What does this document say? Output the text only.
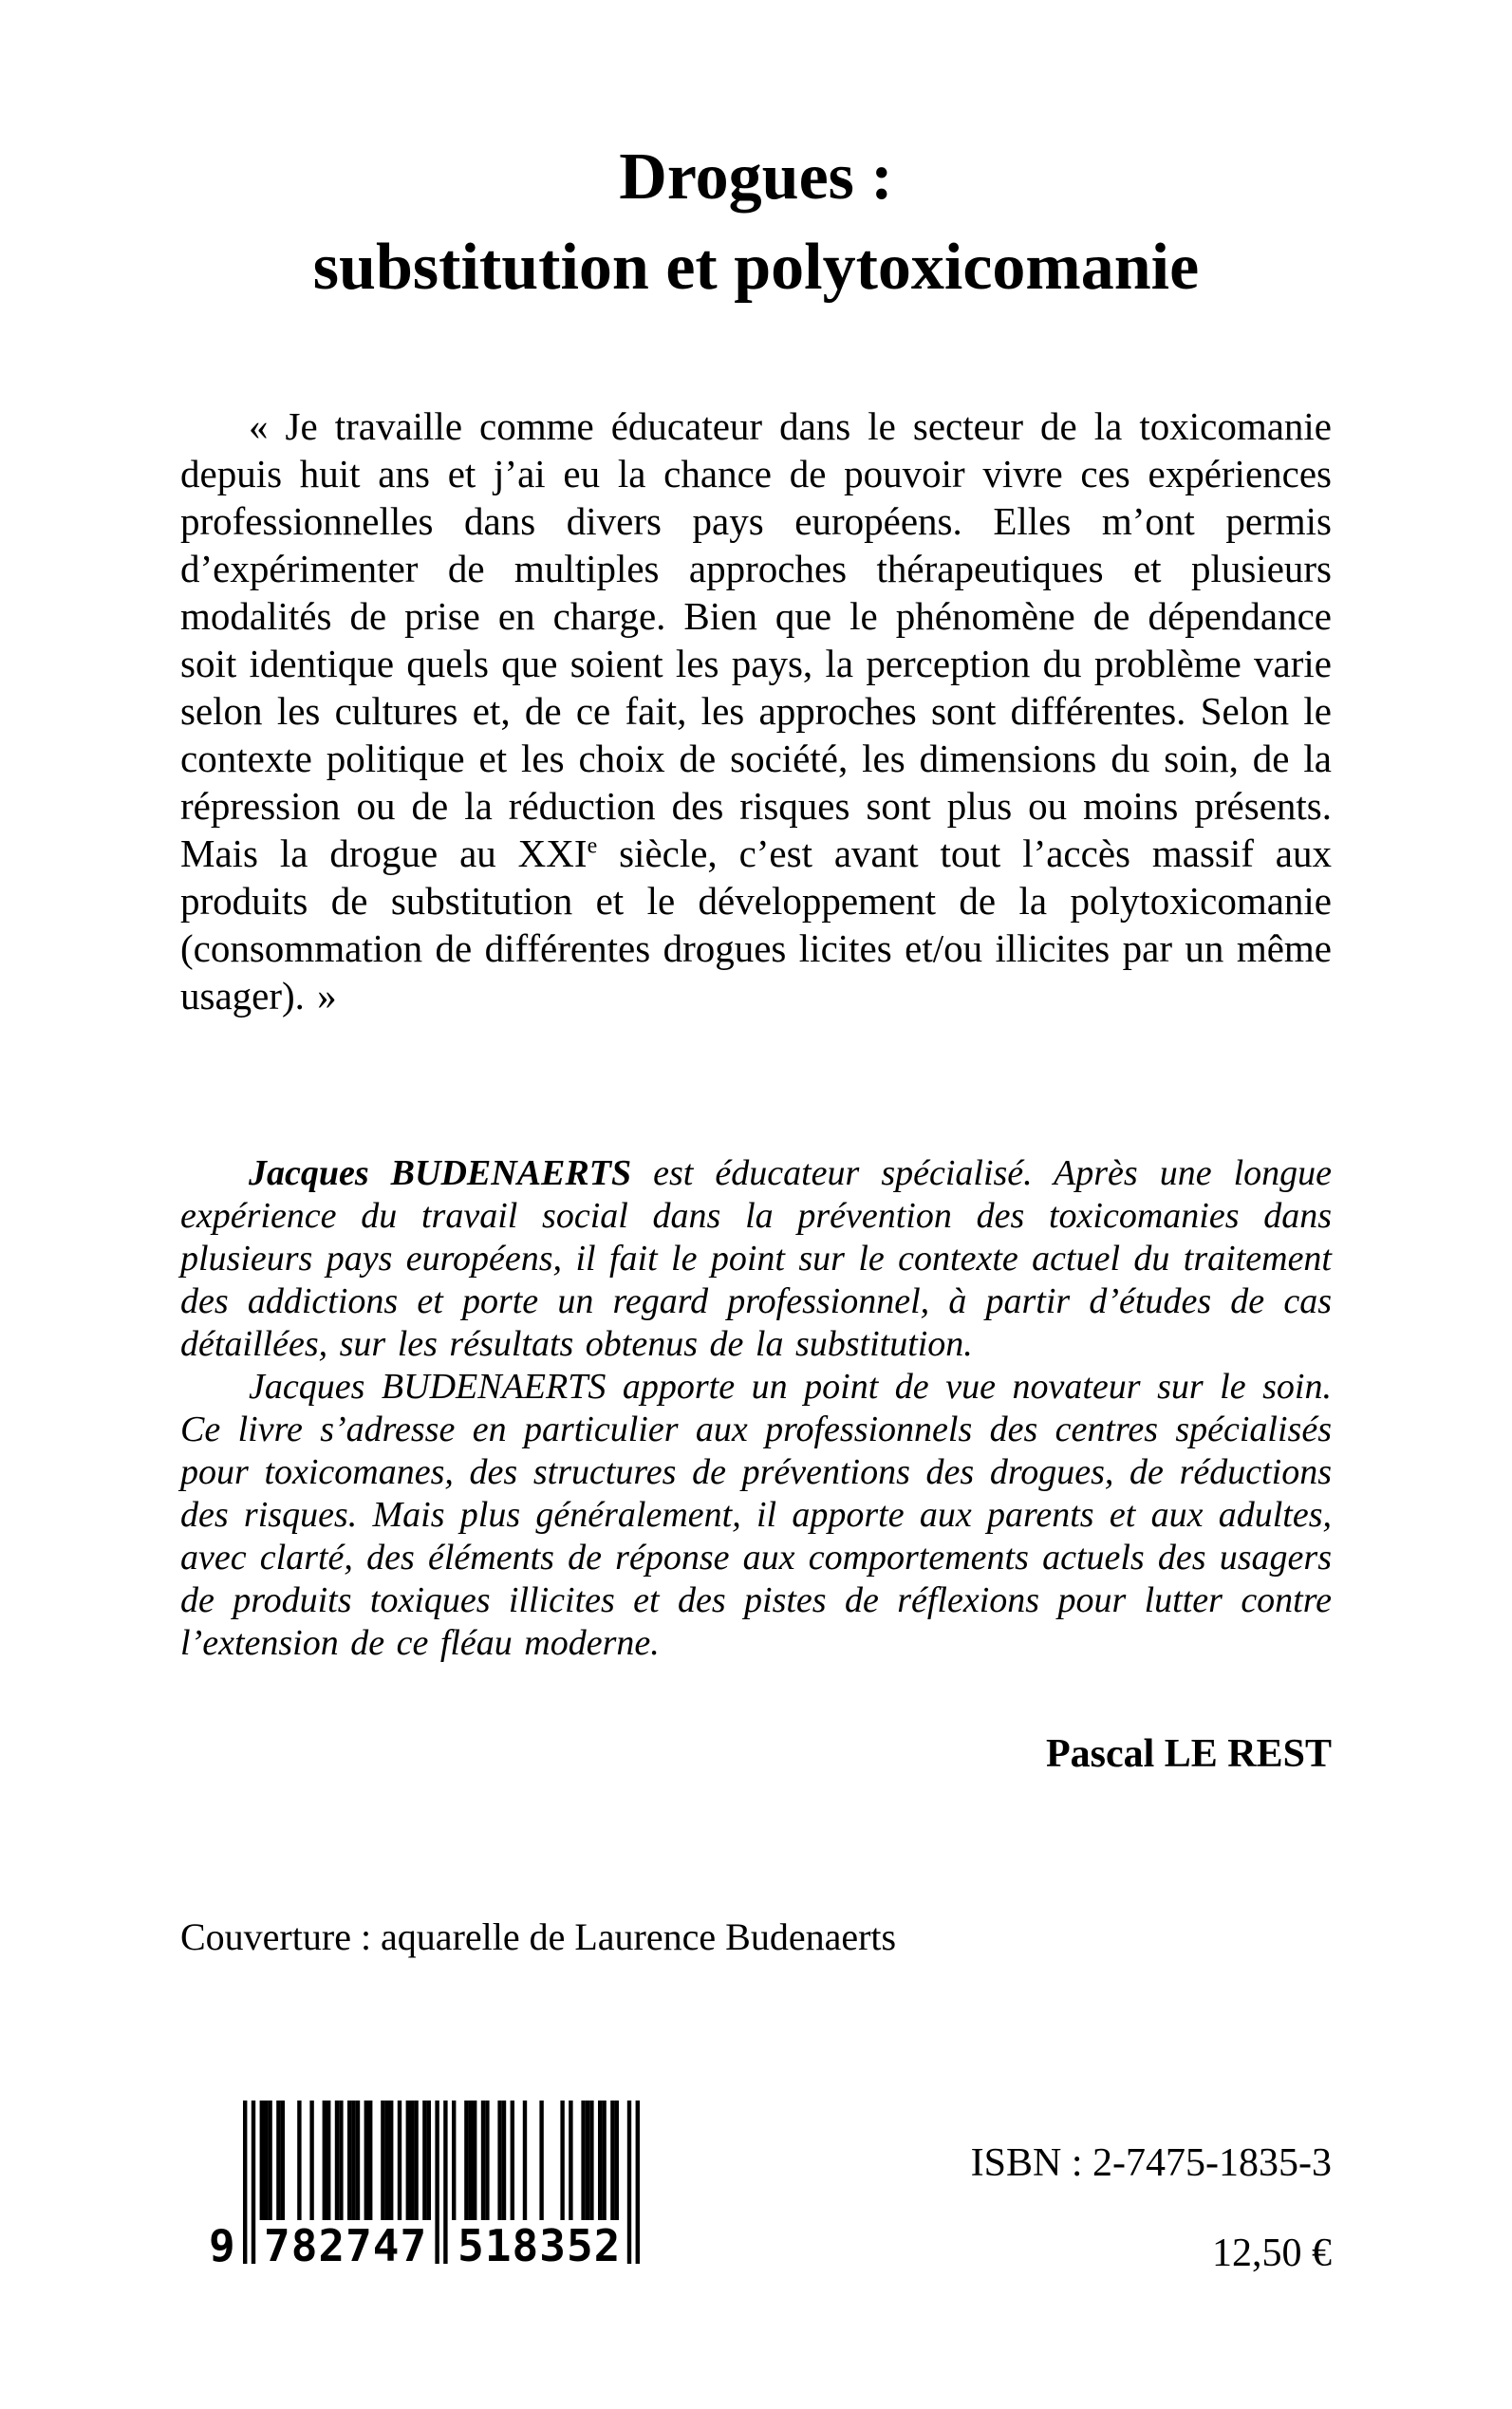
Drogues :
substitution et polytoxicomanie

« Je travaille comme éducateur dans le secteur de la toxicomanie depuis huit ans et j’ai eu la chance de pouvoir vivre ces expériences professionnelles dans divers pays européens. Elles m’ont permis d’expérimenter de multiples approches thérapeutiques et plusieurs modalités de prise en charge. Bien que le phénomène de dépendance soit identique quels que soient les pays, la perception du problème varie selon les cultures et, de ce fait, les approches sont différentes. Selon le contexte politique et les choix de société, les dimensions du soin, de la répression ou de la réduction des risques sont plus ou moins présents. Mais la drogue au XXIe siècle, c’est avant tout l’accès massif aux produits de substitution et le développement de la polytoxicomanie (consommation de différentes drogues licites et/ou illicites par un même usager). »

Jacques BUDENAERTS est éducateur spécialisé. Après une longue expérience du travail social dans la prévention des toxicomanies dans plusieurs pays européens, il fait le point sur le contexte actuel du traitement des addictions et porte un regard professionnel, à partir d’études de cas détaillées, sur les résultats obtenus de la substitution.

Jacques BUDENAERTS apporte un point de vue novateur sur le soin. Ce livre s’adresse en particulier aux professionnels des centres spécialisés pour toxicomanes, des structures de préventions des drogues, de réductions des risques. Mais plus généralement, il apporte aux parents et aux adultes, avec clarté, des éléments de réponse aux comportements actuels des usagers de produits toxiques illicites et des pistes de réflexions pour lutter contre l’extension de ce fléau moderne.

Pascal LE REST

Couverture : aquarelle de Laurence Budenaerts

9 782747 518352
ISBN : 2-7475-1835-3
12,50 €
